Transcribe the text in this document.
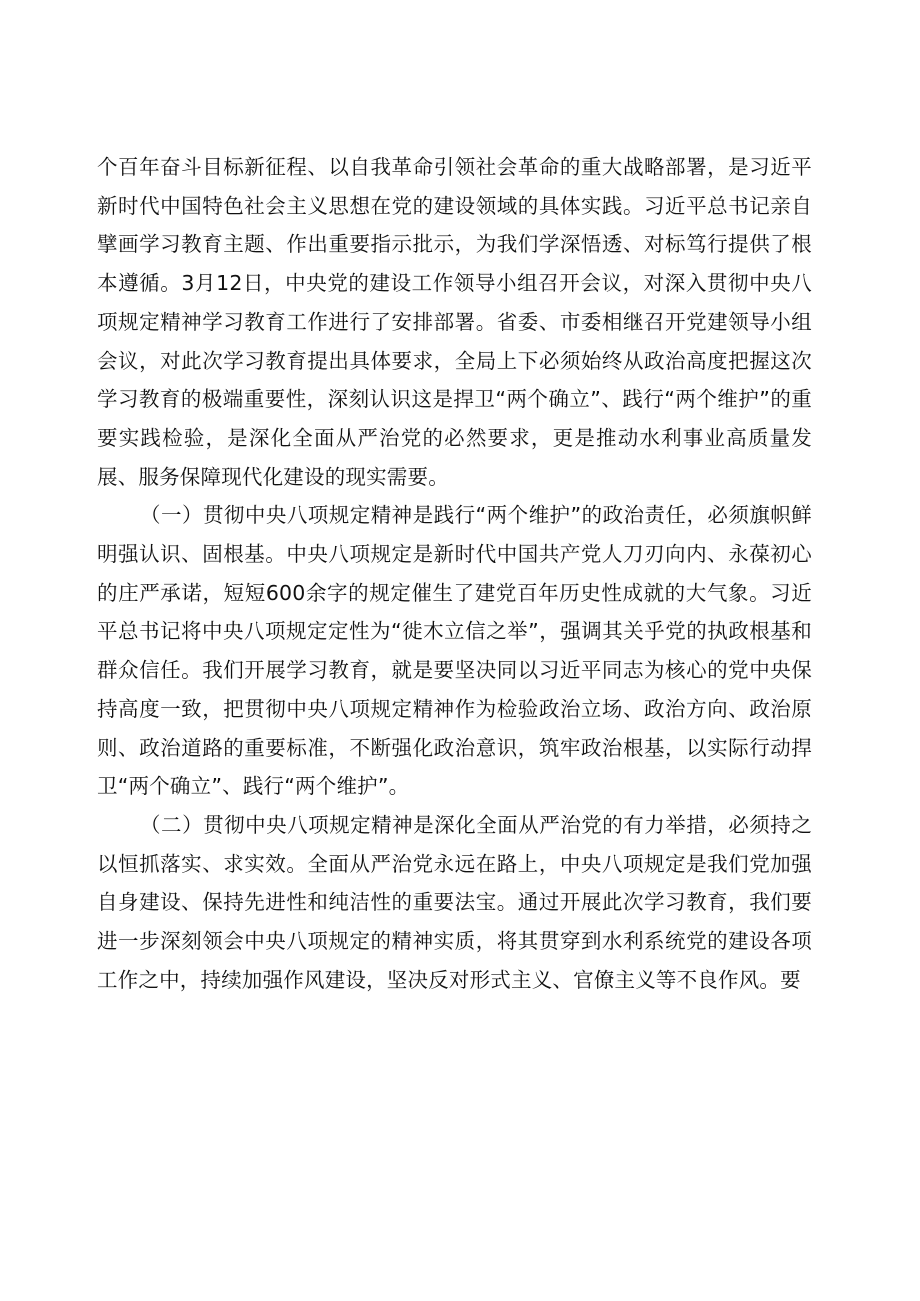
个百年奋斗目标新征程、以自我革命引领社会革命的重大战略部署，是习近平新时代中国特色社会主义思想在党的建设领域的具体实践。习近平总书记亲自擘画学习教育主题、作出重要指示批示，为我们学深悟透、对标笃行提供了根本遵循。3月12日，中央党的建设工作领导小组召开会议，对深入贯彻中央八项规定精神学习教育工作进行了安排部署。省委、市委相继召开党建领导小组会议，对此次学习教育提出具体要求，全局上下必须始终从政治高度把握这次学习教育的极端重要性，深刻认识这是捍卫“两个确立”、践行“两个维护”的重要实践检验，是深化全面从严治党的必然要求，更是推动水利事业高质量发展、服务保障现代化建设的现实需要。

（一）贯彻中央八项规定精神是践行“两个维护”的政治责任，必须旗帜鲜明强认识、固根基。中央八项规定是新时代中国共产党人刀刃向内、永葆初心的庄严承诺，短短600余字的规定催生了建党百年历史性成就的大气象。习近平总书记将中央八项规定定性为“徙木立信之举”，强调其关乎党的执政根基和群众信任。我们开展学习教育，就是要坚决同以习近平同志为核心的党中央保持高度一致，把贯彻中央八项规定精神作为检验政治立场、政治方向、政治原则、政治道路的重要标准，不断强化政治意识，筑牢政治根基，以实际行动捍卫“两个确立”、践行“两个维护”。

（二）贯彻中央八项规定精神是深化全面从严治党的有力举措，必须持之以恒抓落实、求实效。全面从严治党永远在路上，中央八项规定是我们党加强自身建设、保持先进性和纯洁性的重要法宝。通过开展此次学习教育，我们要进一步深刻领会中央八项规定的精神实质，将其贯穿到水利系统党的建设各项工作之中，持续加强作风建设，坚决反对形式主义、官僚主义等不良作风。要
